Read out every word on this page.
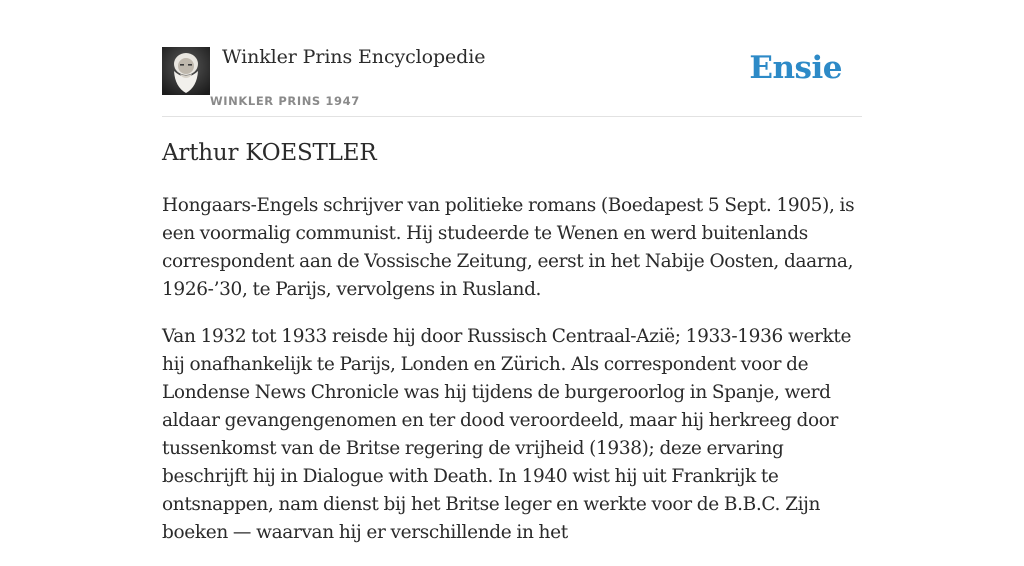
Winkler Prins Encyclopedie
WINKLER PRINS 1947
Ensie
Arthur KOESTLER

Hongaars-Engels schrijver van politieke romans (Boedapest 5 Sept. 1905), is een voormalig communist. Hij studeerde te Wenen en werd buitenlands correspondent aan de Vossische Zeitung, eerst in het Nabije Oosten, daarna, 1926-’30, te Parijs, vervolgens in Rusland.

Van 1932 tot 1933 reisde hij door Russisch Centraal-Azië; 1933-1936 werkte hij onafhankelijk te Parijs, Londen en Zürich. Als correspondent voor de Londense News Chronicle was hij tijdens de burgeroorlog in Spanje, werd aldaar gevangengenomen en ter dood veroordeeld, maar hij herkreeg door tussenkomst van de Britse regering de vrijheid (1938); deze ervaring beschrijft hij in Dialogue with Death. In 1940 wist hij uit Frankrijk te ontsnappen, nam dienst bij het Britse leger en werkte voor de B.B.C. Zijn boeken — waarvan hij er verschillende in het
